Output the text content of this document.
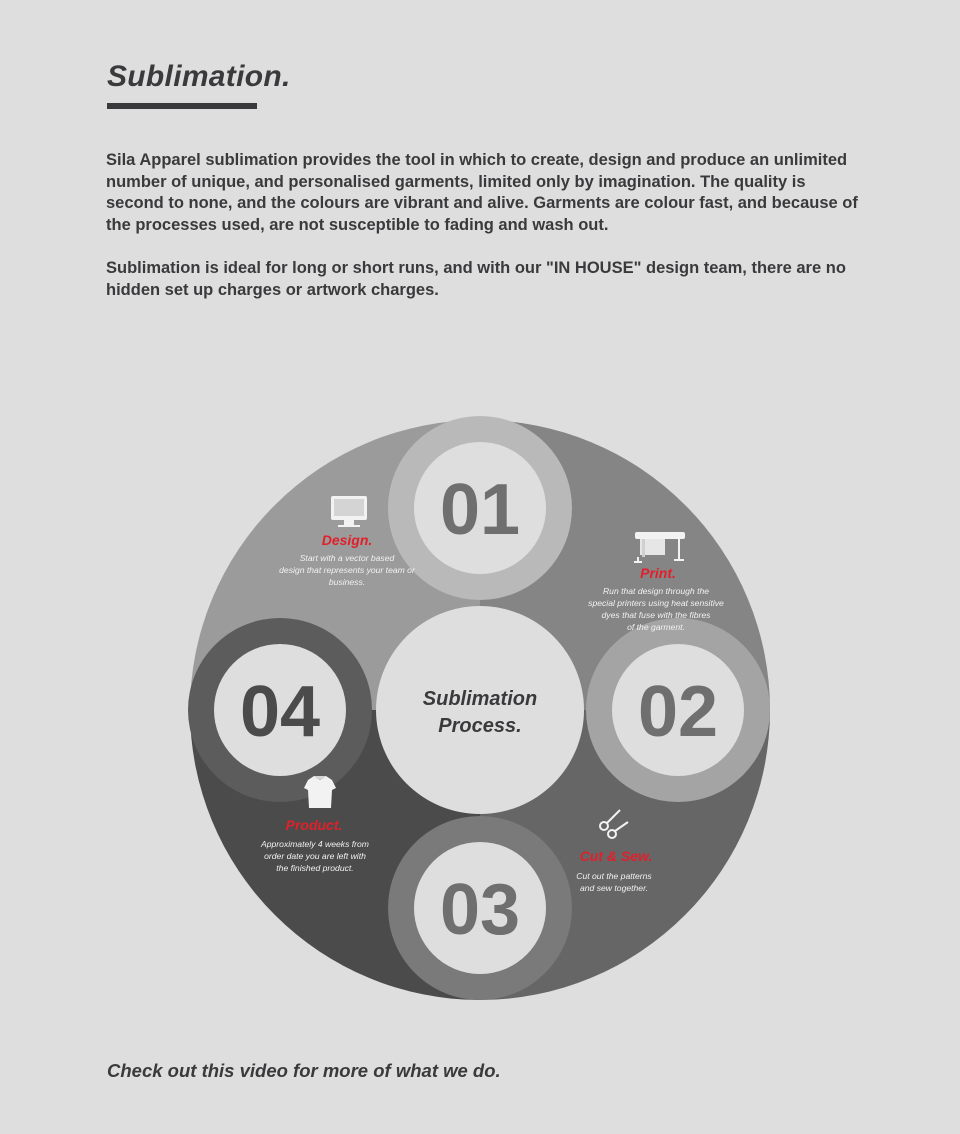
Sublimation.

Sila Apparel sublimation provides the tool in which to create, design and produce an unlimited number of unique, and personalised garments, limited only by imagination. The quality is second to none, and the colours are vibrant and alive. Garments are colour fast, and because of the processes used, are not susceptible to fading and wash out.

Sublimation is ideal for long or short runs, and with our "IN HOUSE" design team, there are no hidden set up charges or artwork charges.

01
02
03
04	Sublimation
Process.
Design.
Print.
Cut & Sew.
Product.
Start with a vector based
design that represents your team or
business.
Run that design through the
special printers using heat sensitive
dyes that fuse with the fibres
of the garment.
Cut out the patterns
and sew together.
Approximately 4 weeks from
order date you are left with
the finished product.

Check out this video for more of what we do.
